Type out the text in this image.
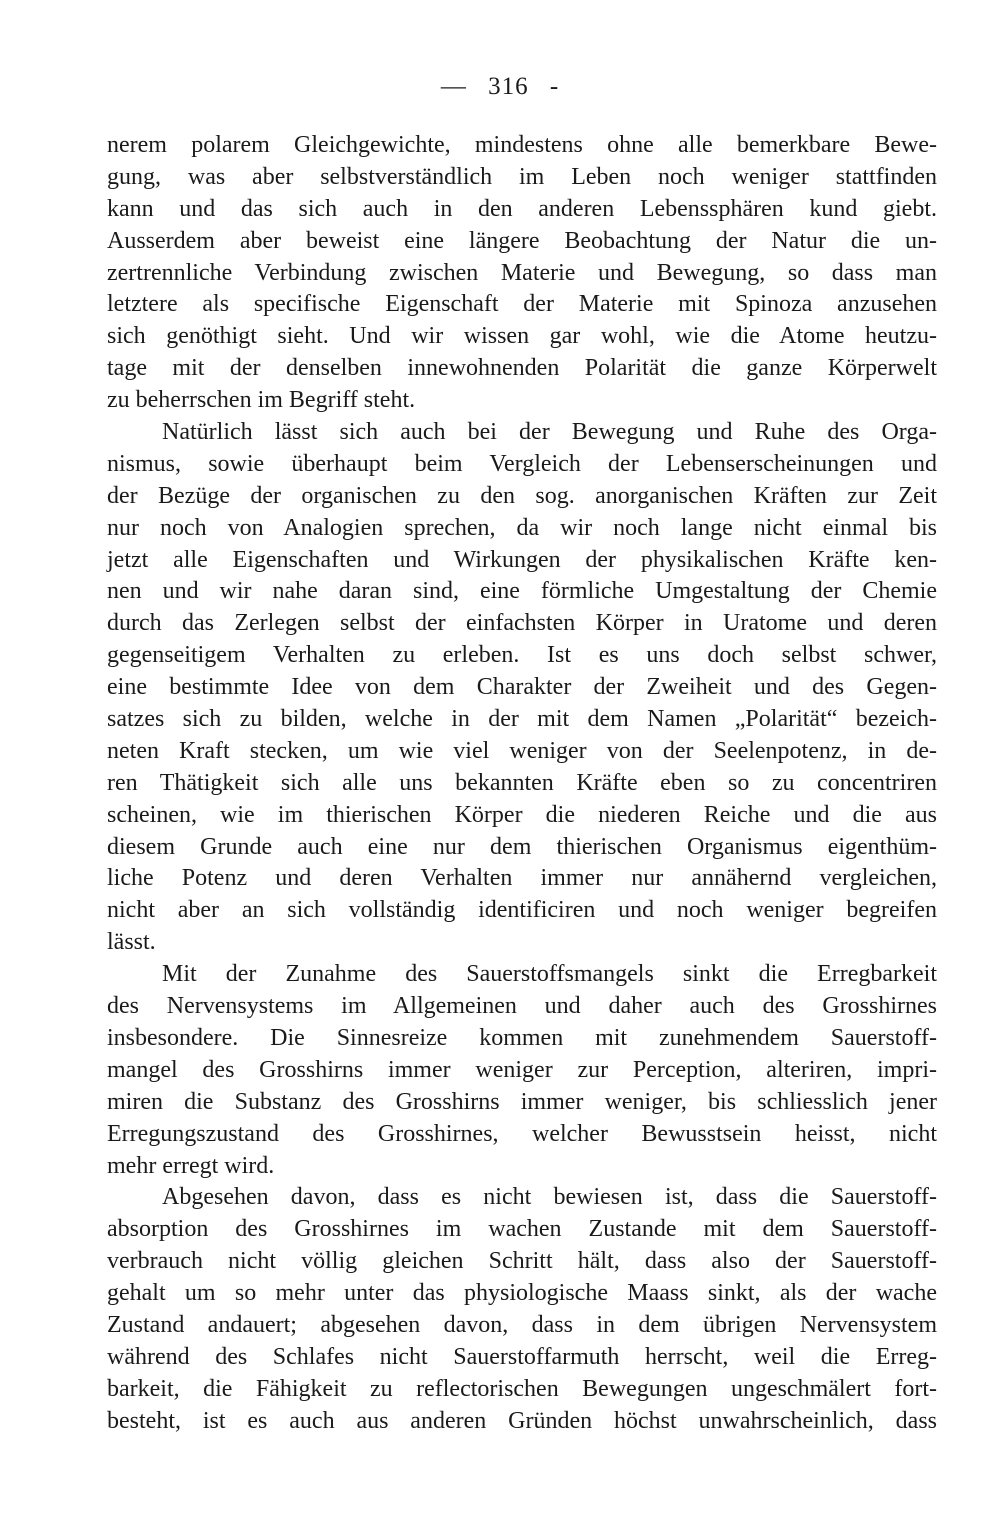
— 316 -
nerem polarem Gleichgewichte, mindestens ohne alle bemerkbare Bewe-
gung, was aber selbstverständlich im Leben noch weniger stattfinden
kann und das sich auch in den anderen Lebenssphären kund giebt.
Ausserdem aber beweist eine längere Beobachtung der Natur die un-
zertrennliche Verbindung zwischen Materie und Bewegung, so dass man
letztere als specifische Eigenschaft der Materie mit Spinoza anzusehen
sich genöthigt sieht. Und wir wissen gar wohl, wie die Atome heutzu-
tage mit der denselben innewohnenden Polarität die ganze Körperwelt
zu beherrschen im Begriff steht.
Natürlich lässt sich auch bei der Bewegung und Ruhe des Orga-
nismus, sowie überhaupt beim Vergleich der Lebenserscheinungen und
der Bezüge der organischen zu den sog. anorganischen Kräften zur Zeit
nur noch von Analogien sprechen, da wir noch lange nicht einmal bis
jetzt alle Eigenschaften und Wirkungen der physikalischen Kräfte ken-
nen und wir nahe daran sind, eine förmliche Umgestaltung der Chemie
durch das Zerlegen selbst der einfachsten Körper in Uratome und deren
gegenseitigem Verhalten zu erleben. Ist es uns doch selbst schwer,
eine bestimmte Idee von dem Charakter der Zweiheit und des Gegen-
satzes sich zu bilden, welche in der mit dem Namen „Polarität“ bezeich-
neten Kraft stecken, um wie viel weniger von der Seelenpotenz, in de-
ren Thätigkeit sich alle uns bekannten Kräfte eben so zu concentriren
scheinen, wie im thierischen Körper die niederen Reiche und die aus
diesem Grunde auch eine nur dem thierischen Organismus eigenthüm-
liche Potenz und deren Verhalten immer nur annähernd vergleichen,
nicht aber an sich vollständig identificiren und noch weniger begreifen
lässt.
Mit der Zunahme des Sauerstoffsmangels sinkt die Erregbarkeit
des Nervensystems im Allgemeinen und daher auch des Grosshirnes
insbesondere. Die Sinnesreize kommen mit zunehmendem Sauerstoff-
mangel des Grosshirns immer weniger zur Perception, alteriren, impri-
miren die Substanz des Grosshirns immer weniger, bis schliesslich jener
Erregungszustand des Grosshirnes, welcher Bewusstsein heisst, nicht
mehr erregt wird.
Abgesehen davon, dass es nicht bewiesen ist, dass die Sauerstoff-
absorption des Grosshirnes im wachen Zustande mit dem Sauerstoff-
verbrauch nicht völlig gleichen Schritt hält, dass also der Sauerstoff-
gehalt um so mehr unter das physiologische Maass sinkt, als der wache
Zustand andauert; abgesehen davon, dass in dem übrigen Nervensystem
während des Schlafes nicht Sauerstoffarmuth herrscht, weil die Erreg-
barkeit, die Fähigkeit zu reflectorischen Bewegungen ungeschmälert fort-
besteht, ist es auch aus anderen Gründen höchst unwahrscheinlich, dass
